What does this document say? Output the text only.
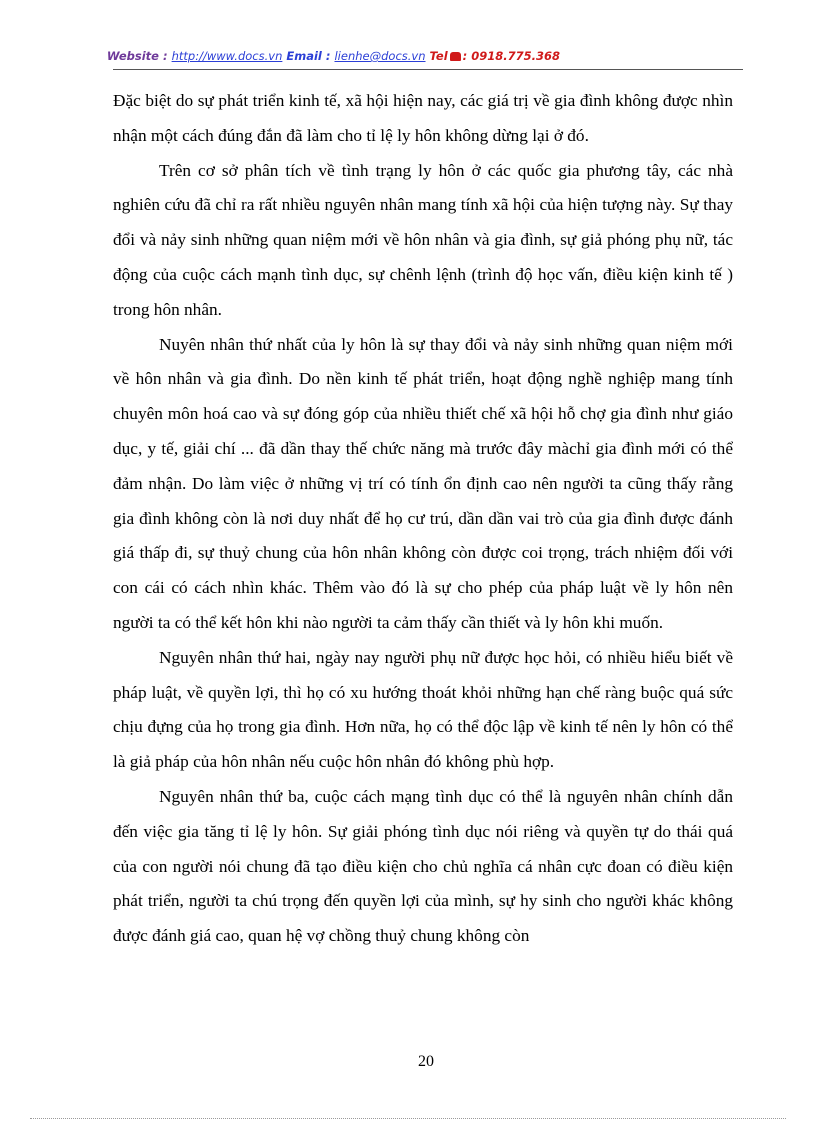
Website : http://www.docs.vn Email : lienhe@docs.vn Tel : 0918.775.368

Đặc biệt do sự phát triển kinh tế, xã hội hiện nay, các giá trị về gia đình không được nhìn nhận một cách đúng đắn đã làm cho tỉ lệ ly hôn không dừng lại ở đó.

Trên cơ sở phân tích về tình trạng ly hôn ở các quốc gia phương tây, các nhà nghiên cứu đã chỉ ra rất nhiều nguyên nhân mang tính xã hội của hiện tượng này. Sự thay đổi và nảy sinh những quan niệm mới về hôn nhân và gia đình, sự giả phóng phụ nữ, tác động của cuộc cách mạnh tình dục, sự chênh lệnh (trình độ học vấn, điều kiện kinh tế ) trong hôn nhân.

Nuyên nhân thứ nhất của ly hôn là sự thay đổi và nảy sinh những quan niệm mới về hôn nhân và gia đình. Do nền kinh tế phát triển, hoạt động nghề nghiệp mang tính chuyên môn hoá cao và sự đóng góp của nhiều thiết chế xã hội hỗ chợ gia đình như giáo dục, y tế, giải chí ... đã dần thay thế chức năng mà trước đây màchỉ gia đình mới có thể đảm nhận. Do làm việc ở những vị trí có tính ổn định cao nên người ta cũng thấy rằng gia đình không còn là nơi duy nhất để họ cư trú, dần dần vai trò của gia đình được đánh giá thấp đi, sự thuỷ chung của hôn nhân không còn được coi trọng, trách nhiệm đối với con cái có cách nhìn khác. Thêm vào đó là sự cho phép của pháp luật về ly hôn nên người ta có thể kết hôn khi nào người ta cảm thấy cần thiết và ly hôn khi muốn.

Nguyên nhân thứ hai, ngày nay người phụ nữ được học hỏi, có nhiều hiểu biết về pháp luật, về quyền lợi, thì họ có xu hướng thoát khỏi những hạn chế ràng buộc quá sức chịu đựng của họ trong gia đình. Hơn nữa, họ có thể độc lập về kinh tế nên ly hôn có thể là giả pháp của hôn nhân nếu cuộc hôn nhân đó không phù hợp.

Nguyên nhân thứ ba, cuộc cách mạng tình dục có thể là nguyên nhân chính dẫn đến việc gia tăng tỉ lệ ly hôn. Sự giải phóng tình dục nói riêng và quyền tự do thái quá của con người nói chung đã tạo điều kiện cho chủ nghĩa cá nhân cực đoan có điều kiện phát triển, người ta chú trọng đến quyền lợi của mình, sự hy sinh cho người khác không được đánh giá cao, quan hệ vợ chồng thuỷ chung không còn

20
